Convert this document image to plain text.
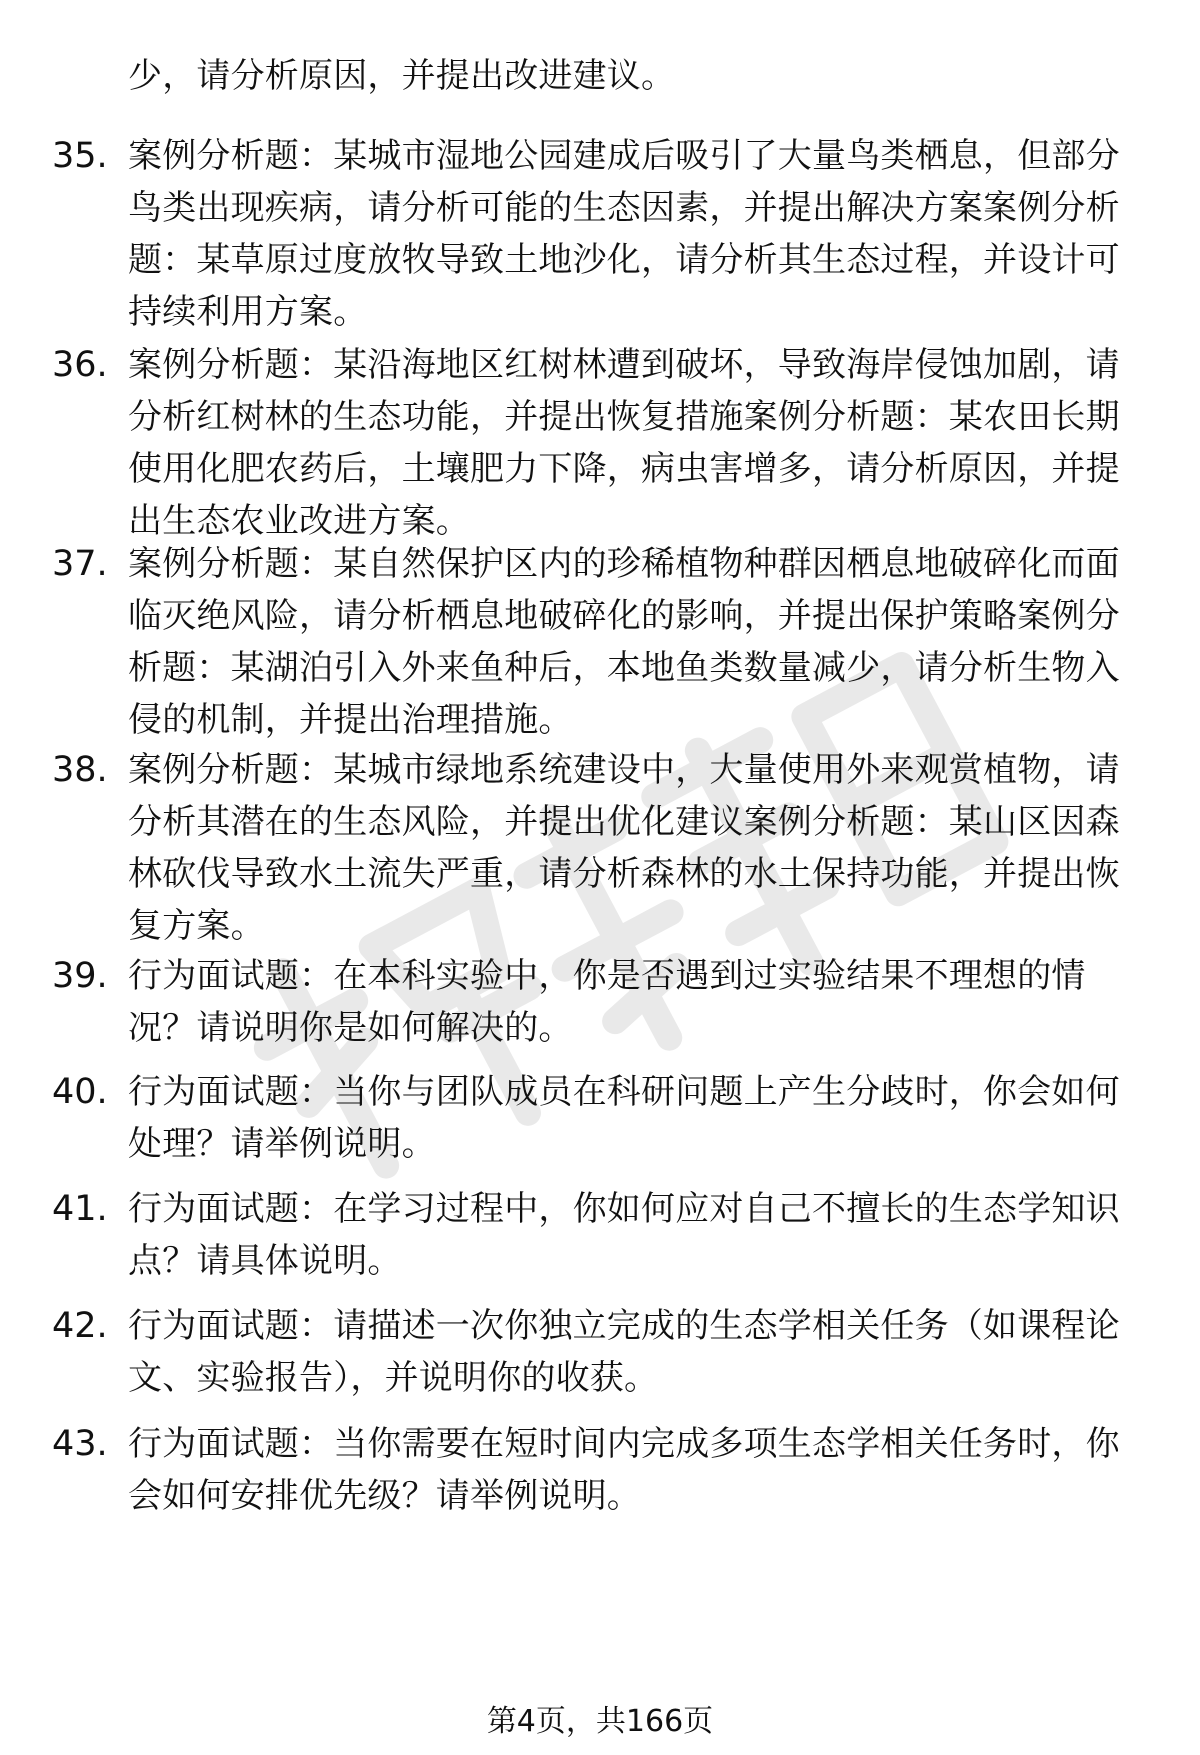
少，请分析原因，并提出改进建议。

35. 案例分析题：某城市湿地公园建成后吸引了大量鸟类栖息，但部分鸟类出现疾病，请分析可能的生态因素，并提出解决方案案例分析题：某草原过度放牧导致土地沙化，请分析其生态过程，并设计可持续利用方案。

36. 案例分析题：某沿海地区红树林遭到破坏，导致海岸侵蚀加剧，请分析红树林的生态功能，并提出恢复措施案例分析题：某农田长期使用化肥农药后，土壤肥力下降，病虫害增多，请分析原因，并提出生态农业改进方案。

37. 案例分析题：某自然保护区内的珍稀植物种群因栖息地破碎化而面临灭绝风险，请分析栖息地破碎化的影响，并提出保护策略案例分析题：某湖泊引入外来鱼种后，本地鱼类数量减少，请分析生物入侵的机制，并提出治理措施。

38. 案例分析题：某城市绿地系统建设中，大量使用外来观赏植物，请分析其潜在的生态风险，并提出优化建议案例分析题：某山区因森林砍伐导致水土流失严重，请分析森林的水土保持功能，并提出恢复方案。

39. 行为面试题：在本科实验中，你是否遇到过实验结果不理想的情况？请说明你是如何解决的。

40. 行为面试题：当你与团队成员在科研问题上产生分歧时，你会如何处理？请举例说明。

41. 行为面试题：在学习过程中，你如何应对自己不擅长的生态学知识点？请具体说明。

42. 行为面试题：请描述一次你独立完成的生态学相关任务（如课程论文、实验报告），并说明你的收获。

43. 行为面试题：当你需要在短时间内完成多项生态学相关任务时，你会如何安排优先级？请举例说明。

第4页，共166页
